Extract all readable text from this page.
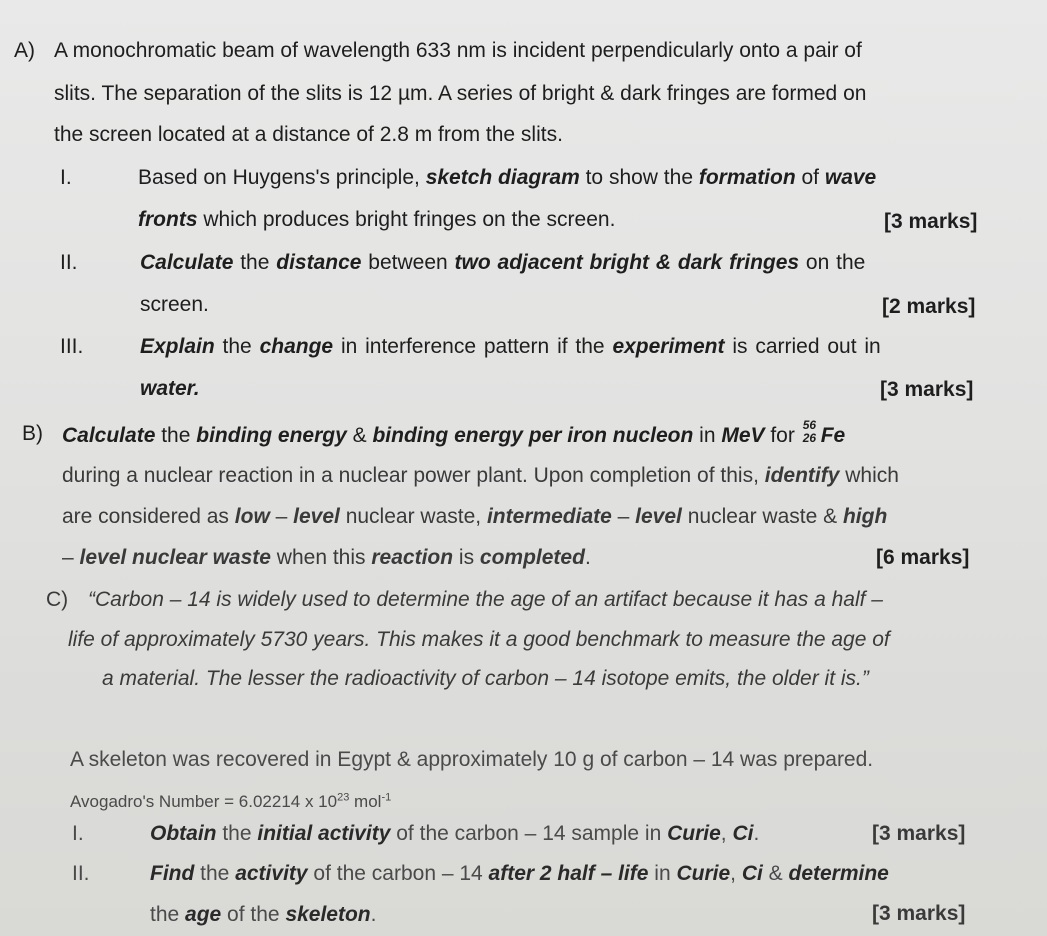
A) A monochromatic beam of wavelength 633 nm is incident perpendicularly onto a pair of
slits. The separation of the slits is 12 µm. A series of bright & dark fringes are formed on
the screen located at a distance of 2.8 m from the slits.
I.	Based on Huygens's principle, sketch diagram to show the formation of wave
fronts which produces bright fringes on the screen.	[3 marks]
II.	Calculate the distance between two adjacent bright & dark fringes on the
screen.	[2 marks]
III.	Explain the change in interference pattern if the experiment is carried out in
water.	[3 marks]
B) Calculate the binding energy & binding energy per iron nucleon in MeV for 56
26 Fe
during a nuclear reaction in a nuclear power plant. Upon completion of this, identify which
are considered as low – level nuclear waste, intermediate – level nuclear waste & high
– level nuclear waste when this reaction is completed.	[6 marks]
C) “Carbon – 14 is widely used to determine the age of an artifact because it has a half –
life of approximately 5730 years. This makes it a good benchmark to measure the age of
a material. The lesser the radioactivity of carbon – 14 isotope emits, the older it is.”
A skeleton was recovered in Egypt & approximately 10 g of carbon – 14 was prepared.
Avogadro's Number = 6.02214 x $10^{23}$ mol$^{-1}$
I.	Obtain the initial activity of the carbon – 14 sample in Curie, Ci.	[3 marks]
II.	Find the activity of the carbon – 14 after 2 half – life in Curie, Ci & determine
the age of the skeleton.	[3 marks]
